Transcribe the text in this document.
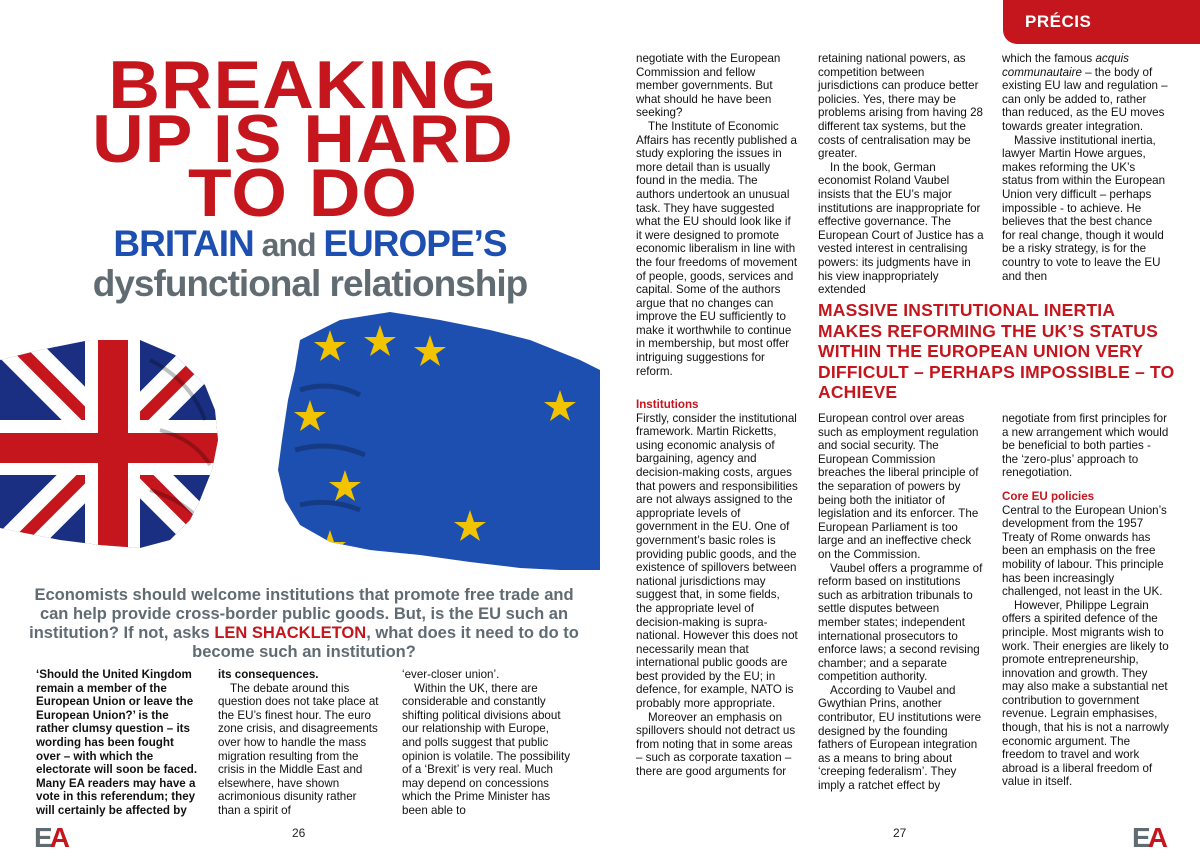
PRÉCIS
BREAKING
UP IS HARD
TO DO
BRITAIN and EUROPE’S
dysfunctional relationship
Economists should welcome institutions that promote free trade and can help provide cross-border public goods. But, is the EU such an institution? If not, asks LEN SHACKLETON, what does it need to do to become such an institution?

‘Should the United Kingdom remain a member of the European Union or leave the European Union?’ is the rather clumsy question – its wording has been fought over – with which the electorate will soon be faced. Many EA readers may have a vote in this referendum; they will certainly be affected by

its consequences.

The debate around this question does not take place at the EU’s finest hour. The euro zone crisis, and disagreements over how to handle the mass migration resulting from the crisis in the Middle East and elsewhere, have shown acrimonious disunity rather than a spirit of

‘ever-closer union’.

Within the UK, there are considerable and constantly shifting political divisions about our relationship with Europe, and polls suggest that public opinion is volatile. The possibility of a ‘Brexit’ is very real. Much may depend on concessions which the Prime Minister has been able to

EA	26

negotiate with the European Commission and fellow member governments. But what should he have been seeking?

The Institute of Economic Affairs has recently published a study exploring the issues in more detail than is usually found in the media. The authors undertook an unusual task. They have suggested what the EU should look like if it were designed to promote economic liberalism in line with the four freedoms of movement of people, goods, services and capital. Some of the authors argue that no changes can improve the EU sufficiently to make it worthwhile to continue in membership, but most offer intriguing suggestions for reform.

retaining national powers, as competition between jurisdictions can produce better policies. Yes, there may be problems arising from having 28 different tax systems, but the costs of centralisation may be greater.

In the book, German economist Roland Vaubel insists that the EU’s major institutions are inappropriate for effective governance. The European Court of Justice has a vested interest in centralising powers: its judgments have in his view inappropriately extended

which the famous acquis communautaire – the body of existing EU law and regulation – can only be added to, rather than reduced, as the EU moves towards greater integration.

Massive institutional inertia, lawyer Martin Howe argues, makes reforming the UK’s status from within the European Union very difficult – perhaps impossible - to achieve. He believes that the best chance for real change, though it would be a risky strategy, is for the country to vote to leave the EU and then

MASSIVE INSTITUTIONAL INERTIA MAKES REFORMING THE UK’S STATUS WITHIN THE EUROPEAN UNION VERY DIFFICULT – PERHAPS IMPOSSIBLE – TO ACHIEVE
Institutions

Firstly, consider the institutional framework. Martin Ricketts, using economic analysis of bargaining, agency and decision-making costs, argues that powers and responsibilities are not always assigned to the appropriate levels of government in the EU. One of government’s basic roles is providing public goods, and the existence of spillovers between national jurisdictions may suggest that, in some fields, the appropriate level of decision-making is supra-national. However this does not necessarily mean that international public goods are best provided by the EU; in defence, for example, NATO is probably more appropriate.

Moreover an emphasis on spillovers should not detract us from noting that in some areas – such as corporate taxation – there are good arguments for

European control over areas such as employment regulation and social security. The European Commission breaches the liberal principle of the separation of powers by being both the initiator of legislation and its enforcer. The European Parliament is too large and an ineffective check on the Commission.

Vaubel offers a programme of reform based on institutions such as arbitration tribunals to settle disputes between member states; independent international prosecutors to enforce laws; a second revising chamber; and a separate competition authority.

According to Vaubel and Gwythian Prins, another contributor, EU institutions were designed by the founding fathers of European integration as a means to bring about ‘creeping federalism’. They imply a ratchet effect by

negotiate from first principles for a new arrangement which would be beneficial to both parties - the ‘zero-plus’ approach to renegotiation.

Core EU policies

Central to the European Union’s development from the 1957 Treaty of Rome onwards has been an emphasis on the free mobility of labour. This principle has been increasingly challenged, not least in the UK.

However, Philippe Legrain offers a spirited defence of the principle. Most migrants wish to work. Their energies are likely to promote entrepreneurship, innovation and growth. They may also make a substantial net contribution to government revenue. Legrain emphasises, though, that his is not a narrowly economic argument. The freedom to travel and work abroad is a liberal freedom of value in itself.

27	EA
